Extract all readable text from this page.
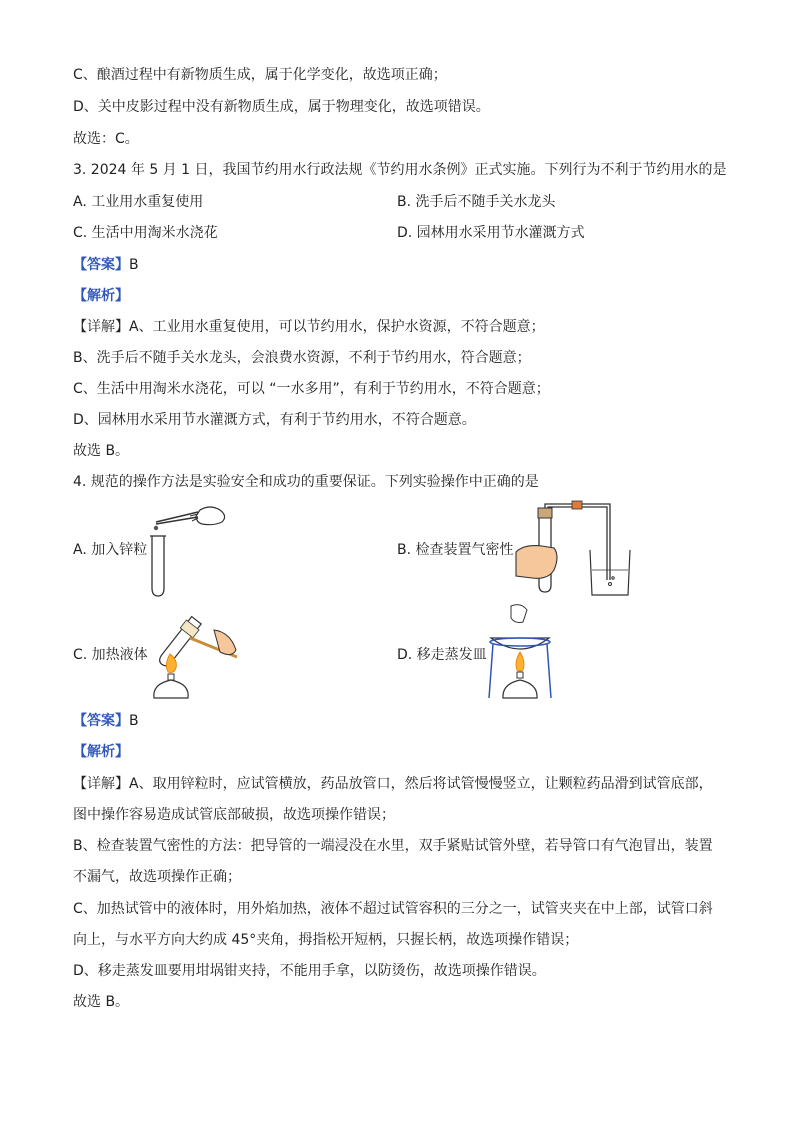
C、酿酒过程中有新物质生成，属于化学变化，故选项正确；
D、关中皮影过程中没有新物质生成，属于物理变化，故选项错误。
故选：C。
3. 2024 年 5 月 1 日，我国节约用水行政法规《节约用水条例》正式实施。下列行为不利于节约用水的是
A. 工业用水重复使用	B. 洗手后不随手关水龙头
C. 生活中用淘米水浇花	D. 园林用水采用节水灌溉方式
【答案】B
【解析】
【详解】A、工业用水重复使用，可以节约用水，保护水资源，不符合题意；
B、洗手后不随手关水龙头，会浪费水资源，不利于节约用水，符合题意；
C、生活中用淘米水浇花，可以 “一水多用”，有利于节约用水，不符合题意；
D、园林用水采用节水灌溉方式，有利于节约用水，不符合题意。
故选 B。
4. 规范的操作方法是实验安全和成功的重要保证。下列实验操作中正确的是
A. 加入锌粒	B. 检查装置气密性
C. 加热液体	D. 移走蒸发皿
【答案】B
【解析】
【详解】A、取用锌粒时，应试管横放，药品放管口，然后将试管慢慢竖立，让颗粒药品滑到试管底部，
图中操作容易造成试管底部破损，故选项操作错误；
B、检查装置气密性的方法：把导管的一端浸没在水里，双手紧贴试管外壁，若导管口有气泡冒出，装置
不漏气，故选项操作正确；
C、加热试管中的液体时，用外焰加热，液体不超过试管容积的三分之一，试管夹夹在中上部，试管口斜
向上，与水平方向大约成 45°夹角，拇指松开短柄，只握长柄，故选项操作错误；
D、移走蒸发皿要用坩埚钳夹持，不能用手拿，以防烫伤，故选项操作错误。
故选 B。
